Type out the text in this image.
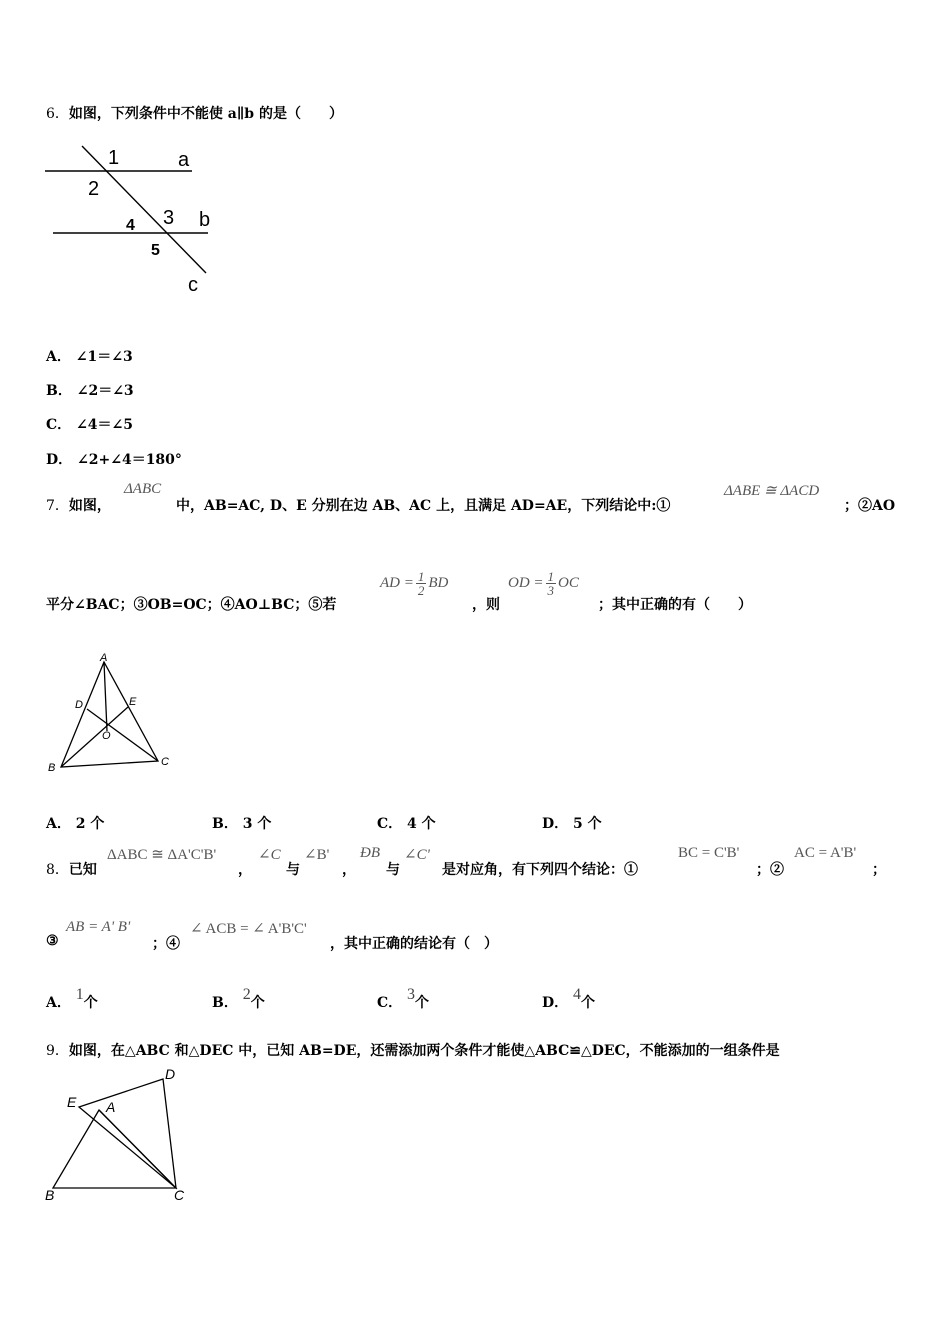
6．如图，下列条件中不能使 a∥b 的是（　　）
1	a
2
3 b
4
5
c
A． ∠1＝∠3
B． ∠2＝∠3
C． ∠4＝∠5
D． ∠2+∠4＝180°
7．如图，
ΔABC
中，AB=AC, D、E 分别在边 AB、AC 上，且满足 AD=AE，下列结论中:①
ΔABE ≅ ΔACD
；②AO
平分∠BAC；③OB=OC；④AO⊥BC；⑤若
AD = $\frac{1}{2}$ BD
，则
OD = $\frac{1}{3}$ OC
；其中正确的有（　　）
A
D	E
O
B	C
A． 2 个	B． 3 个	C． 4 个	D． 5 个
8．已知
ΔABC ≅ ΔA'C'B'
，
∠C
与
∠B'
，
ÐB
与
∠C'
是对应角，有下列四个结论：①
BC = C'B'
；②
AC = A'B'
；
③
AB = A' B'
；④
∠ ACB = ∠ A'B'C'
，其中正确的结论有（　）
A． 1个	B． 2个	C． 3个	D． 4个
9．如图，在△ABC 和△DEC 中，已知 AB=DE，还需添加两个条件才能使△ABC≌△DEC，不能添加的一组条件是
D
E A
B	C
